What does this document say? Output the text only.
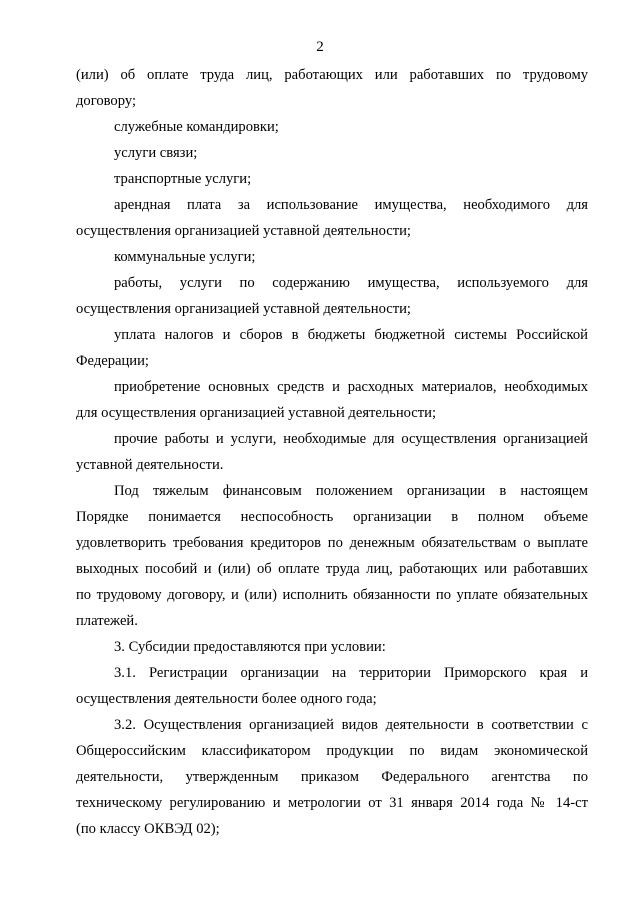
2
(или) об оплате труда лиц, работающих или работавших по трудовому
договору;
служебные командировки;
услуги связи;
транспортные услуги;
арендная плата за использование имущества, необходимого для
осуществления организацией уставной деятельности;
коммунальные услуги;
работы, услуги по содержанию имущества, используемого для
осуществления организацией уставной деятельности;
уплата налогов и сборов в бюджеты бюджетной системы Российской
Федерации;
приобретение основных средств и расходных материалов, необходимых
для осуществления организацией уставной деятельности;
прочие работы и услуги, необходимые для осуществления организацией
уставной деятельности.
Под тяжелым финансовым положением организации в настоящем
Порядке понимается неспособность организации в полном объеме
удовлетворить требования кредиторов по денежным обязательствам о выплате
выходных пособий и (или) об оплате труда лиц, работающих или работавших
по трудовому договору, и (или) исполнить обязанности по уплате обязательных
платежей.
3. Субсидии предоставляются при условии:
3.1. Регистрации организации на территории Приморского края и
осуществления деятельности более одного года;
3.2. Осуществления организацией видов деятельности в соответствии с
Общероссийским классификатором продукции по видам экономической
деятельности, утвержденным приказом Федерального агентства по
техническому регулированию и метрологии от 31 января 2014 года № 14-ст
(по классу ОКВЭД 02);
